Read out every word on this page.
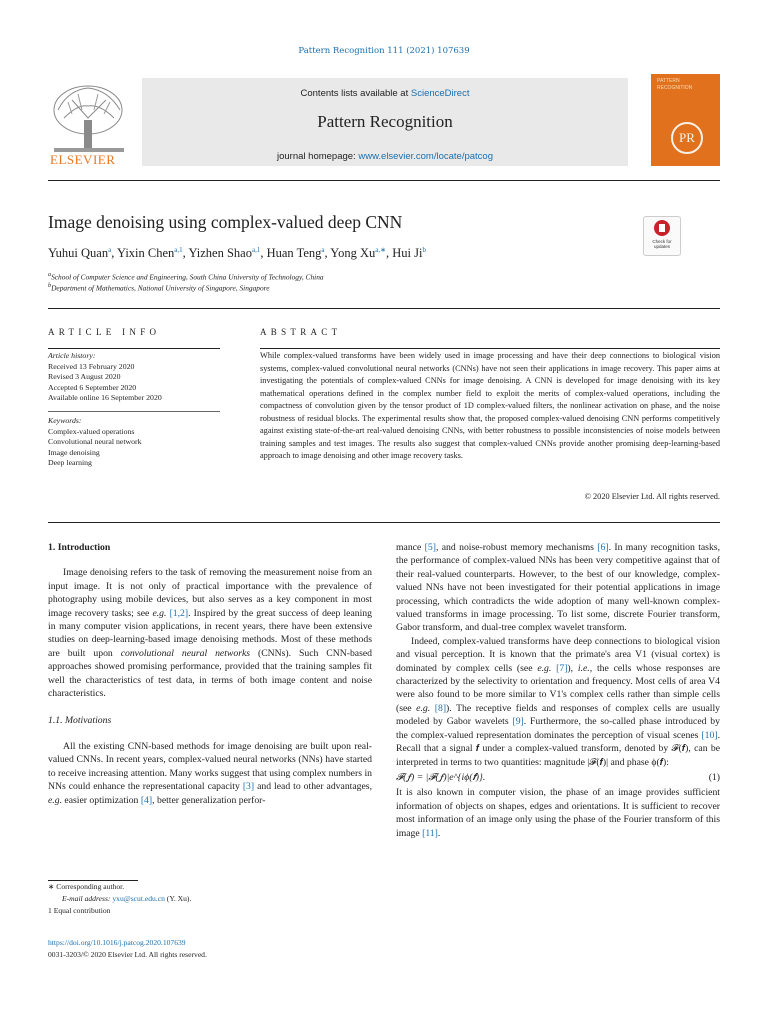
Pattern Recognition 111 (2021) 107639
ELSEVIER
Contents lists available at ScienceDirect
Pattern Recognition
journal homepage: www.elsevier.com/locate/patcog
PATTERN RECOGNITION
PR
Image denoising using complex-valued deep CNN
Check for updates
Yuhui Quan$^a$, Yixin Chen$^{a,1}$, Yizhen Shao$^{a,1}$, Huan Teng$^a$, Yong $Xu^{a,∗}$, Hui Ji$^b$
$^a$School of Computer Science and Engineering, South China University of Technology, China
$^b$Department of Mathematics, National University of Singapore, Singapore
ARTICLE INFO	ABSTRACT
Article history:
Received 13 February 2020
Revised 3 August 2020
Accepted 6 September 2020
Available online 16 September 2020
Keywords:
Complex-valued operations
Convolutional neural network
Image denoising
Deep learning
While complex-valued transforms have been widely used in image processing and have their deep connections to biological vision systems, complex-valued convolutional neural networks (CNNs) have not seen their applications in image recovery. This paper aims at investigating the potentials of complex-valued CNNs for image denoising. A CNN is developed for image denoising with its key mathematical operations defined in the complex number field to exploit the merits of complex-valued operations, including the compactness of convolution given by the tensor product of 1D complex-valued filters, the nonlinear activation on phase, and the noise robustness of residual blocks. The experimental results show that, the proposed complex-valued denoising CNN performs competitively against existing state-of-the-art real-valued denoising CNNs, with better robustness to possible inconsistencies of noise models between training samples and test images. The results also suggest that complex-valued CNNs provide another promising deep-learning-based approach to image denoising and other image recovery tasks.
© 2020 Elsevier Ltd. All rights reserved.
1. Introduction

Image denoising refers to the task of removing the measurement noise from an input image. It is not only of practical importance with the prevalence of photography using mobile devices, but also serves as a key component in most image recovery tasks; see e.g. [1,2]. Inspired by the great success of deep leaning in many computer vision applications, in recent years, there have been extensive studies on deep-learning-based image denoising methods. Most of these methods are built upon convolutional neural networks (CNNs). Such CNN-based approaches showed promising performance, provided that the training samples fit well the characteristics of test data, in terms of both image content and noise characteristics.

1.1. Motivations

All the existing CNN-based methods for image denoising are built upon real-valued CNNs. In recent years, complex-valued neural networks (NNs) have started to receive increasing attention. Many works suggest that using complex numbers in NNs could enhance the representational capacity [3] and lead to other advantages, e.g. easier optimization [4], better generalization perfor-

mance [5], and noise-robust memory mechanisms [6]. In many recognition tasks, the performance of complex-valued NNs has been very competitive against that of their real-valued counterparts. However, to the best of our knowledge, complex-valued NNs have not been investigated for their potential applications in image processing, which contradicts the wide adoption of many well-known complex-valued transforms in image processing. To list some, discrete Fourier transform, Gabor transform, and dual-tree complex wavelet transform.

Indeed, complex-valued transforms have deep connections to biological vision and visual perception. It is known that the primate's area V1 (visual cortex) is dominated by complex cells (see e.g. [7]), i.e., the cells whose responses are characterized by the selectivity to orientation and frequency. Most cells of area V4 were also found to be more similar to V1's complex cells rather than simple cells (see e.g. [8]). The receptive fields and responses of complex cells are usually modeled by Gabor wavelets [9]. Furthermore, the so-called phase introduced by the complex-valued representation dominates the perception of visual scenes [10]. Recall that a signal 𝒇 under a complex-valued transform, denoted by 𝓕(𝒇), can be interpreted in terms to two quantities: magnitude |𝓕(𝒇)| and phase ϕ(𝒇):

𝓕(𝒇) = |𝓕(𝒇)|e^{iϕ(𝒇)}.	(1)

It is also known in computer vision, the phase of an image provides sufficient information of objects on shapes, edges and orientations. It is sufficient to recover most information of an image only using the phase of the Fourier transform of this image [11].

∗ Corresponding author.
E-mail address: yxu@scut.edu.cn (Y. Xu).
1 Equal contribution
https://doi.org/10.1016/j.patcog.2020.107639
0031-3203/© 2020 Elsevier Ltd. All rights reserved.
